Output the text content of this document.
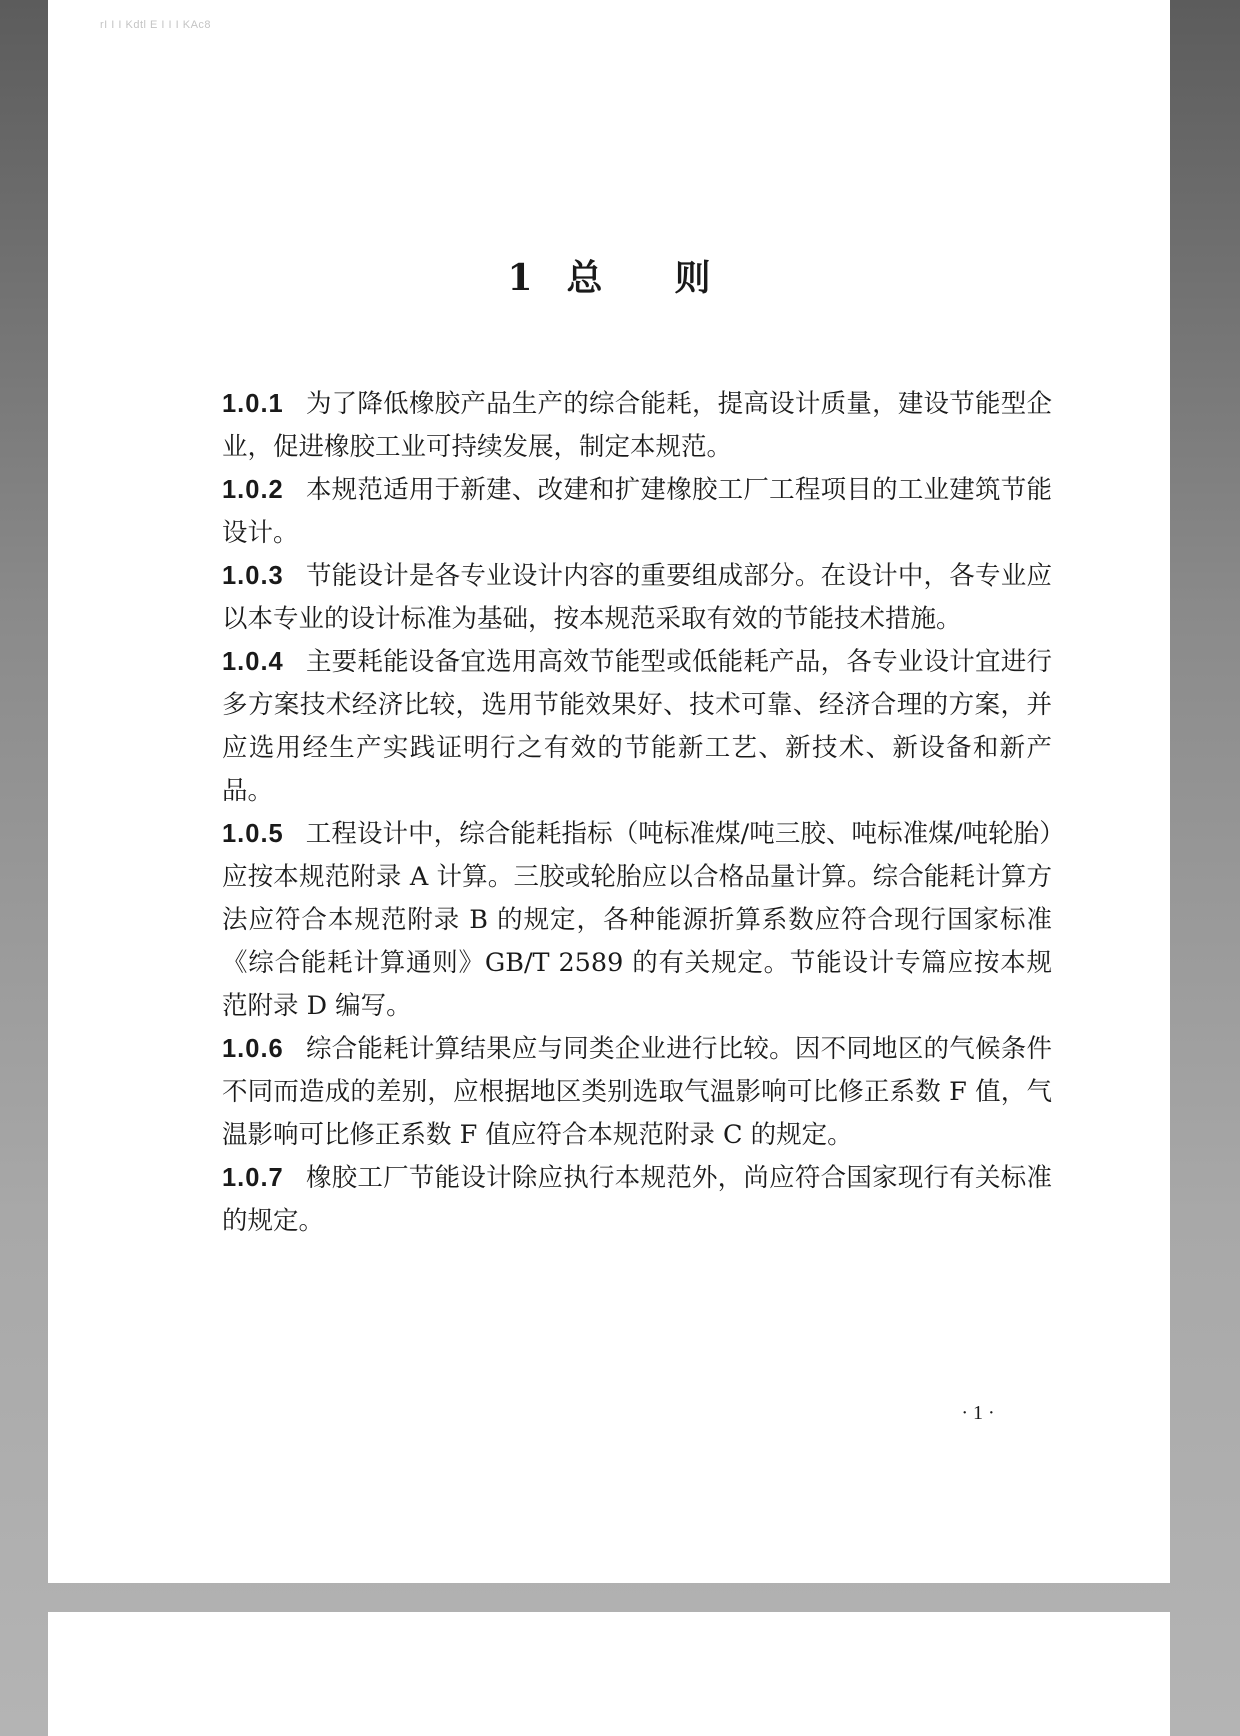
rI I I Kdtl E I I I KAc8
1 总则

1.0.1 为了降低橡胶产品生产的综合能耗，提高设计质量，建设节能型企业，促进橡胶工业可持续发展，制定本规范。

1.0.2 本规范适用于新建、改建和扩建橡胶工厂工程项目的工业建筑节能设计。

1.0.3 节能设计是各专业设计内容的重要组成部分。在设计中，各专业应以本专业的设计标准为基础，按本规范采取有效的节能技术措施。

1.0.4 主要耗能设备宜选用高效节能型或低能耗产品，各专业设计宜进行多方案技术经济比较，选用节能效果好、技术可靠、经济合理的方案，并应选用经生产实践证明行之有效的节能新工艺、新技术、新设备和新产品。

1.0.5 工程设计中，综合能耗指标（吨标准煤/吨三胶、吨标准煤/吨轮胎）应按本规范附录 A 计算。三胶或轮胎应以合格品量计算。综合能耗计算方法应符合本规范附录 B 的规定，各种能源折算系数应符合现行国家标准《综合能耗计算通则》GB/T 2589 的有关规定。节能设计专篇应按本规范附录 D 编写。

1.0.6 综合能耗计算结果应与同类企业进行比较。因不同地区的气候条件不同而造成的差别，应根据地区类别选取气温影响可比修正系数 F 值，气温影响可比修正系数 F 值应符合本规范附录 C 的规定。

1.0.7 橡胶工厂节能设计除应执行本规范外，尚应符合国家现行有关标准的规定。

· 1 ·
